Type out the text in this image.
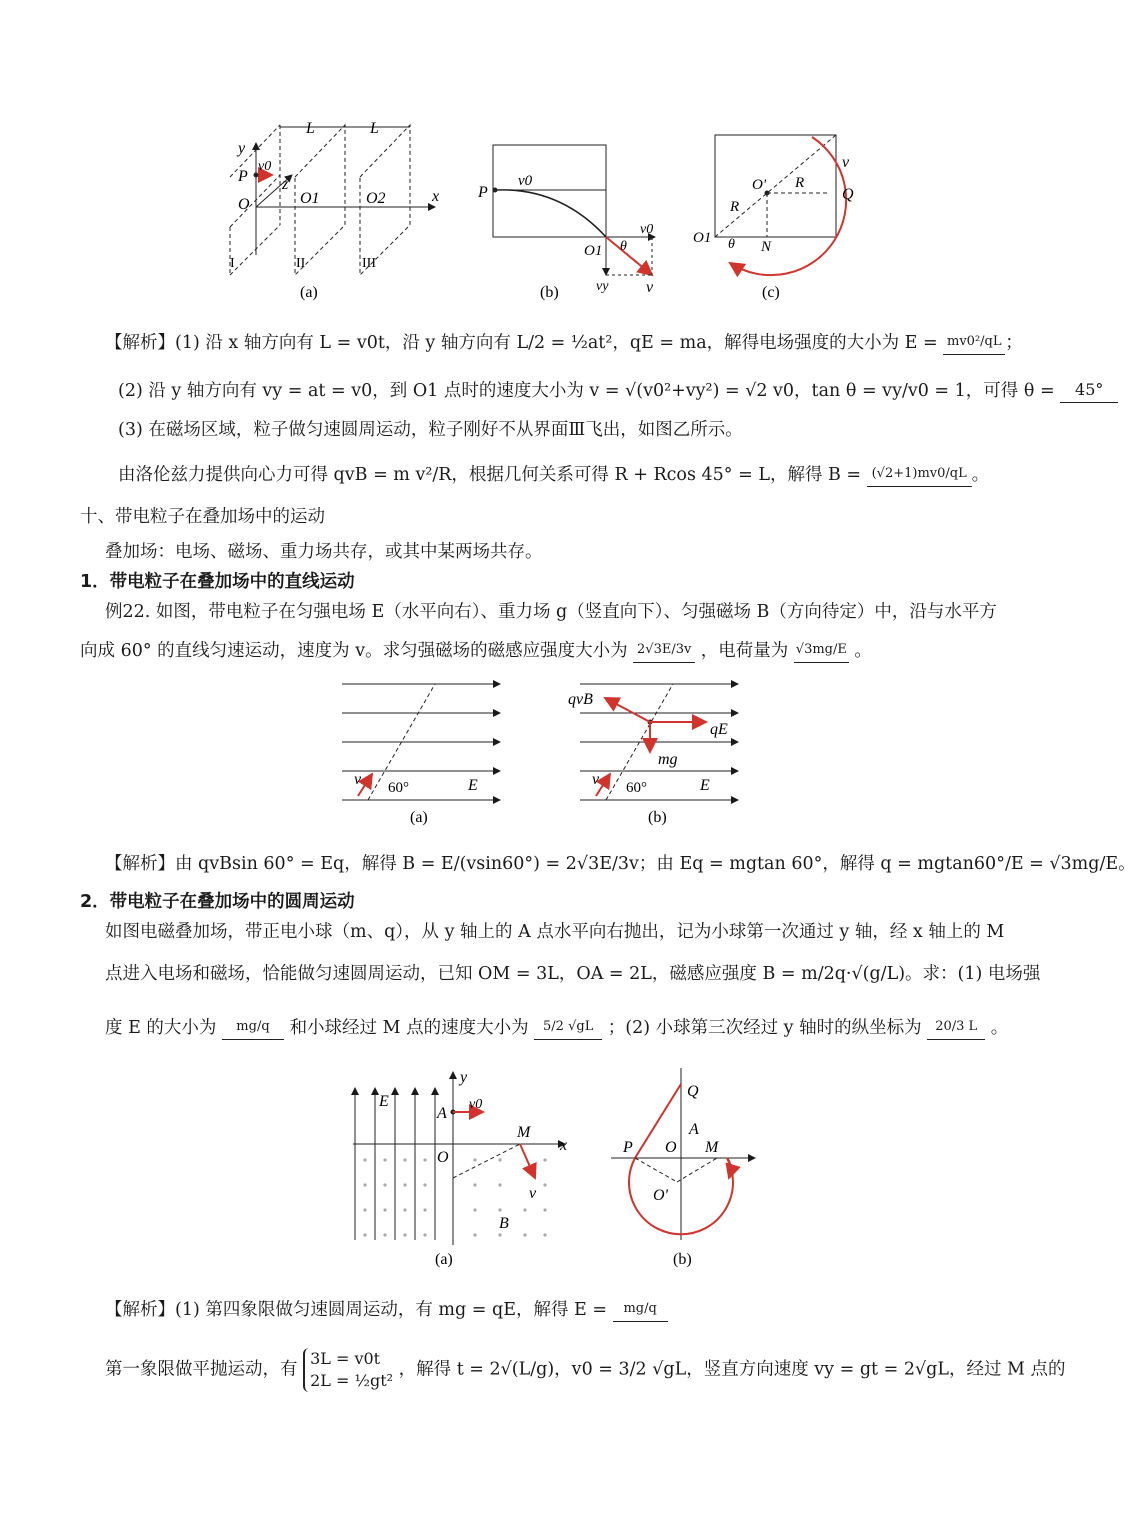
y
v0
P z
O	O1	O2	x
L	L
I	II	III
(a)
P
v0
O1 θ
v0
vy v
(b)
v
O' R
Q
R
O1 θ N
(c)
【解析】(1) 沿 x 轴方向有 L = v0t，沿 y 轴方向有 L/2 = ½at²，qE = ma，解得电场强度的大小为 E = mv0²/qL ；
(2) 沿 y 轴方向有 vy = at = v0，到 O1 点时的速度大小为 v = √(v0²+vy²) = √2 v0，tan θ = vy/v0 = 1，可得 θ = 45°
(3) 在磁场区域，粒子做匀速圆周运动，粒子刚好不从界面Ⅲ飞出，如图乙所示。
由洛伦兹力提供向心力可得 qvB = m v²/R，根据几何关系可得 R + Rcos 45° = L，解得 B = (√2+1)mv0/qL 。
十、带电粒子在叠加场中的运动
叠加场：电场、磁场、重力场共存，或其中某两场共存。
1．带电粒子在叠加场中的直线运动
例22. 如图，带电粒子在匀强电场 E（水平向右）、重力场 g（竖直向下）、匀强磁场 B（方向待定）中，沿与水平方
向成 60° 的直线匀速运动，速度为 v。求匀强磁场的磁感应强度大小为 2√3E/3v ，电荷量为 √3mg/E 。
v 60°	E
(a)
qvB
qE
mg
v 60°	E
(b)
【解析】由 qvBsin 60° = Eq，解得 B = E/(vsin60°) = 2√3E/3v；由 Eq = mgtan 60°，解得 q = mgtan60°/E = √3mg/E。
2．带电粒子在叠加场中的圆周运动
如图电磁叠加场，带正电小球（m、q），从 y 轴上的 A 点水平向右抛出，记为小球第一次通过 y 轴，经 x 轴上的 M
点进入电场和磁场，恰能做匀速圆周运动，已知 OM = 3L，OA = 2L，磁感应强度 B = m/2q·√(g/L)。求：(1) 电场强
度 E 的大小为 mg/q 和小球经过 M 点的速度大小为 5/2 √gL ；(2) 小球第三次经过 y 轴时的纵坐标为 20/3 L 。
E
y
A
v0
M
x
O
v
B
(a)
Q
A
P O M
O'
(b)
【解析】(1) 第四象限做匀速圆周运动，有 mg = qE，解得 E = mg/q
第一象限做平抛运动，有
3L = v0t
2L = ½gt²
，解得 t = 2√(L/g)，v0 = 3/2 √gL，竖直方向速度 vy = gt = 2√gL，经过 M 点的
